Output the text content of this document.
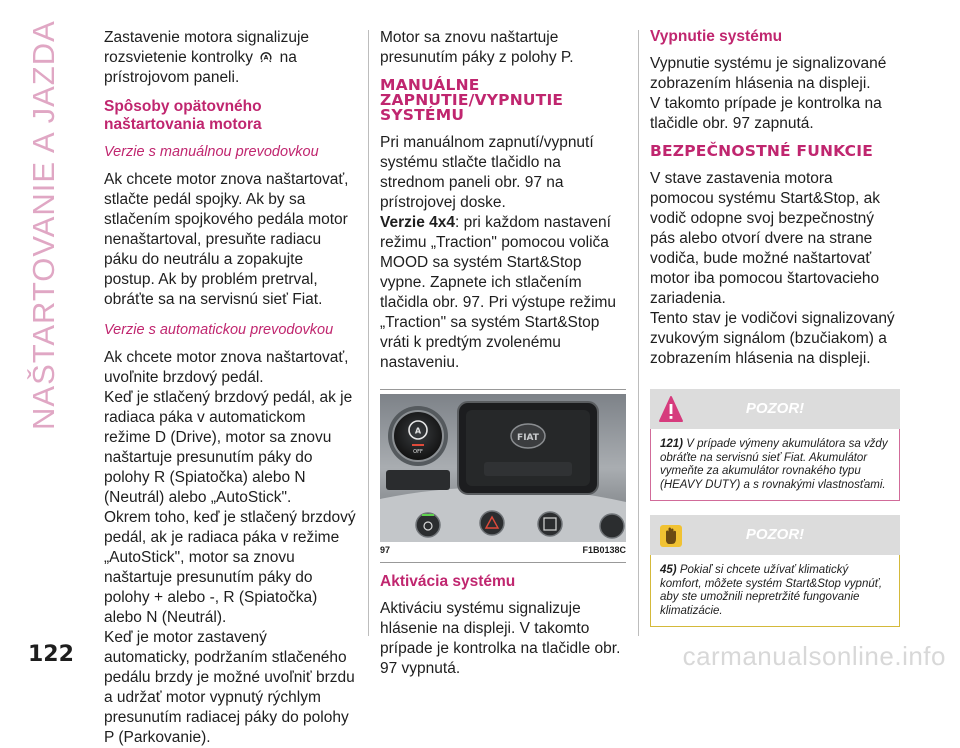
NAŠTARTOVANIE A JAZDA	Zastavenie motora signalizuje rozsvietenie kontrolky A na prístrojovom paneli.

Spôsoby opätovného naštartovania motora
Verzie s manuálnou prevodovkou

Ak chcete motor znova naštartovať, stlačte pedál spojky. Ak by sa stlačením spojkového pedála motor nenaštartoval, presuňte radiacu páku do neutrálu a zopakujte postup. Ak by problém pretrval, obráťte sa na servisnú sieť Fiat.

Verzie s automatickou prevodovkou

Ak chcete motor znova naštartovať, uvoľnite brzdový pedál.

Keď je stlačený brzdový pedál, ak je radiaca páka v automatickom režime D (Drive), motor sa znovu naštartuje presunutím páky do polohy R (Spiatočka) alebo N (Neutrál) alebo „AutoStick".

Okrem toho, keď je stlačený brzdový pedál, ak je radiaca páka v režime „AutoStick", motor sa znovu naštartuje presunutím páky do polohy + alebo -, R (Spiatočka) alebo N (Neutrál).

Keď je motor zastavený automaticky, podržaním stlačeného pedálu brzdy je možné uvoľniť brzdu a udržať motor vypnutý rýchlym presunutím radiacej páky do polohy P (Parkovanie).

Motor sa znovu naštartuje presunutím páky z polohy P.

MANUÁLNE ZAPNUTIE/VYPNUTIE SYSTÉMU

Pri manuálnom zapnutí/vypnutí systému stlačte tlačidlo na strednom paneli obr. 97 na prístrojovej doske.

Verzie 4x4: pri každom nastavení režimu „Traction" pomocou voliča MOOD sa systém Start&Stop vypne. Zapnete ich stlačením tlačidla obr. 97. Pri výstupe režimu „Traction" sa systém Start&Stop vráti k predtým zvolenému nastaveniu.

FIAT
A
OFF
97	F1B0138C
Aktivácia systému

Aktiváciu systému signalizuje hlásenie na displeji. V takomto prípade je kontrolka na tlačidle obr. 97 vypnutá.

Vypnutie systému

Vypnutie systému je signalizované zobrazením hlásenia na displeji.

V takomto prípade je kontrolka na tlačidle obr. 97 zapnutá.

BEZPEČNOSTNÉ FUNKCIE

V stave zastavenia motora pomocou systému Start&Stop, ak vodič odopne svoj bezpečnostný pás alebo otvorí dvere na strane vodiča, bude možné naštartovať motor iba pomocou štartovacieho zariadenia.

Tento stav je vodičovi signalizovaný zvukovým signálom (bzučiakom) a zobrazením hlásenia na displeji.

POZOR!
121) V prípade výmeny akumulátora sa vždy obráťte na servisnú sieť Fiat. Akumulátor vymeňte za akumulátor rovnakého typu (HEAVY DUTY) a s rovnakými vlastnosťami.
POZOR!
45) Pokiaľ si chcete užívať klimatický komfort, môžete systém Start&Stop vypnúť, aby ste umožnili nepretržité fungovanie klimatizácie.
122	carmanualsonline.info
